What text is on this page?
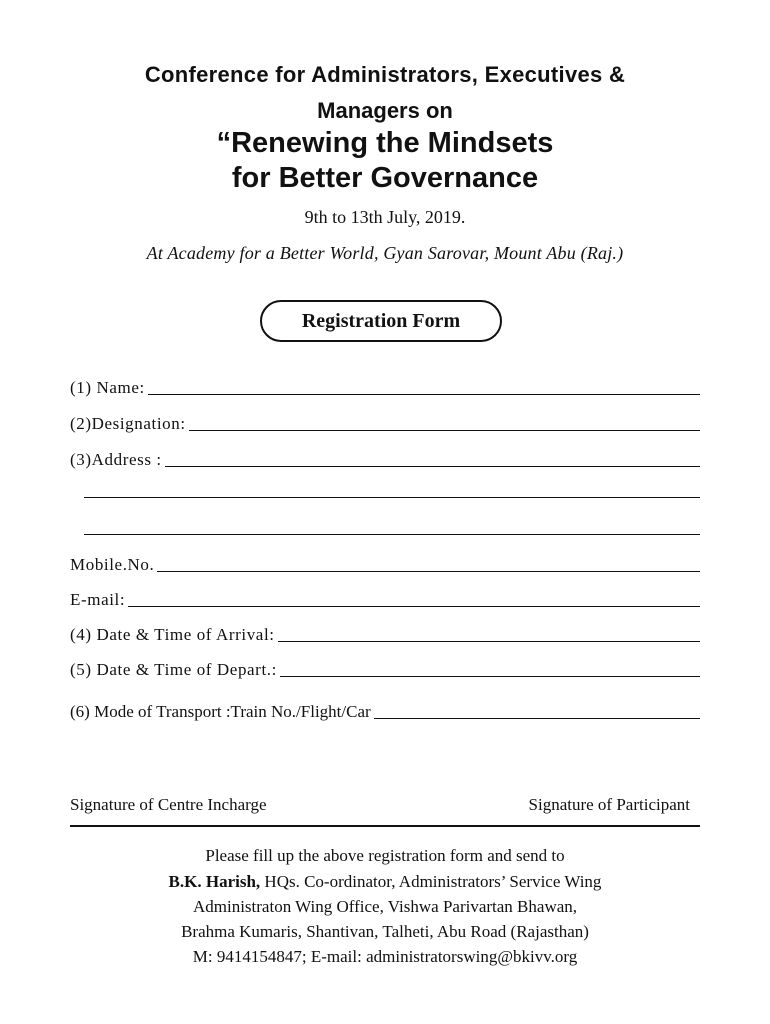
Conference for Administrators, Executives &
Managers on
“Renewing the Mindsets
for Better Governance
9th to 13th July, 2019.
At Academy for a Better World, Gyan Sarovar, Mount Abu (Raj.)
Registration Form
(1) Name:
(2)Designation:
(3)Address :
Mobile.No.
E-mail:
(4) Date & Time of Arrival:
(5) Date & Time of Depart.:
(6) Mode of Transport :Train No./Flight/Car
Signature of Centre Incharge	Signature of Participant
Please fill up the above registration form and send to
B.K. Harish, HQs. Co-ordinator, Administrators’ Service Wing
Administraton Wing Office, Vishwa Parivartan Bhawan,
Brahma Kumaris, Shantivan, Talheti, Abu Road (Rajasthan)
M: 9414154847; E-mail: administratorswing@bkivv.org
